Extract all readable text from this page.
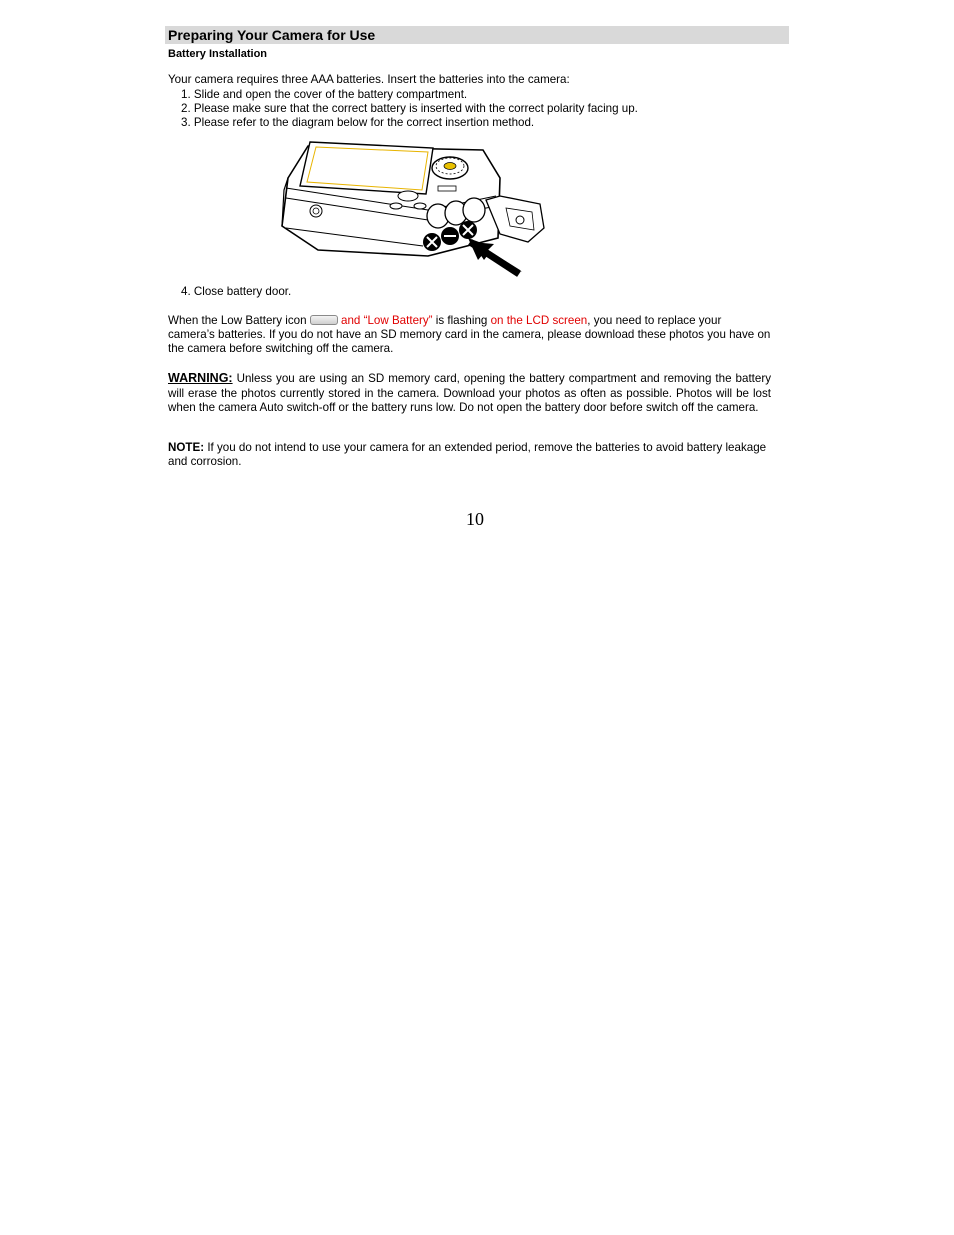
Preparing Your Camera for Use
Battery Installation
Your camera requires three AAA batteries. Insert the batteries into the camera:
1. Slide and open the cover of the battery compartment.
2. Please make sure that the correct battery is inserted with the correct polarity facing up.
3. Please refer to the diagram below for the correct insertion method.
4. Close battery door.
When the Low Battery icon	and “Low Battery” is flashing on the LCD screen, you need to replace your camera’s batteries. If you do not have an SD memory card in the camera, please download these photos you have on the camera before switching off the camera.
WARNING: Unless you are using an SD memory card, opening the battery compartment and removing the battery will erase the photos currently stored in the camera. Download your photos as often as possible. Photos will be lost when the camera Auto switch-off or the battery runs low. Do not open the battery door before switch off the camera.
NOTE: If you do not intend to use your camera for an extended period, remove the batteries to avoid battery leakage and corrosion.
10
